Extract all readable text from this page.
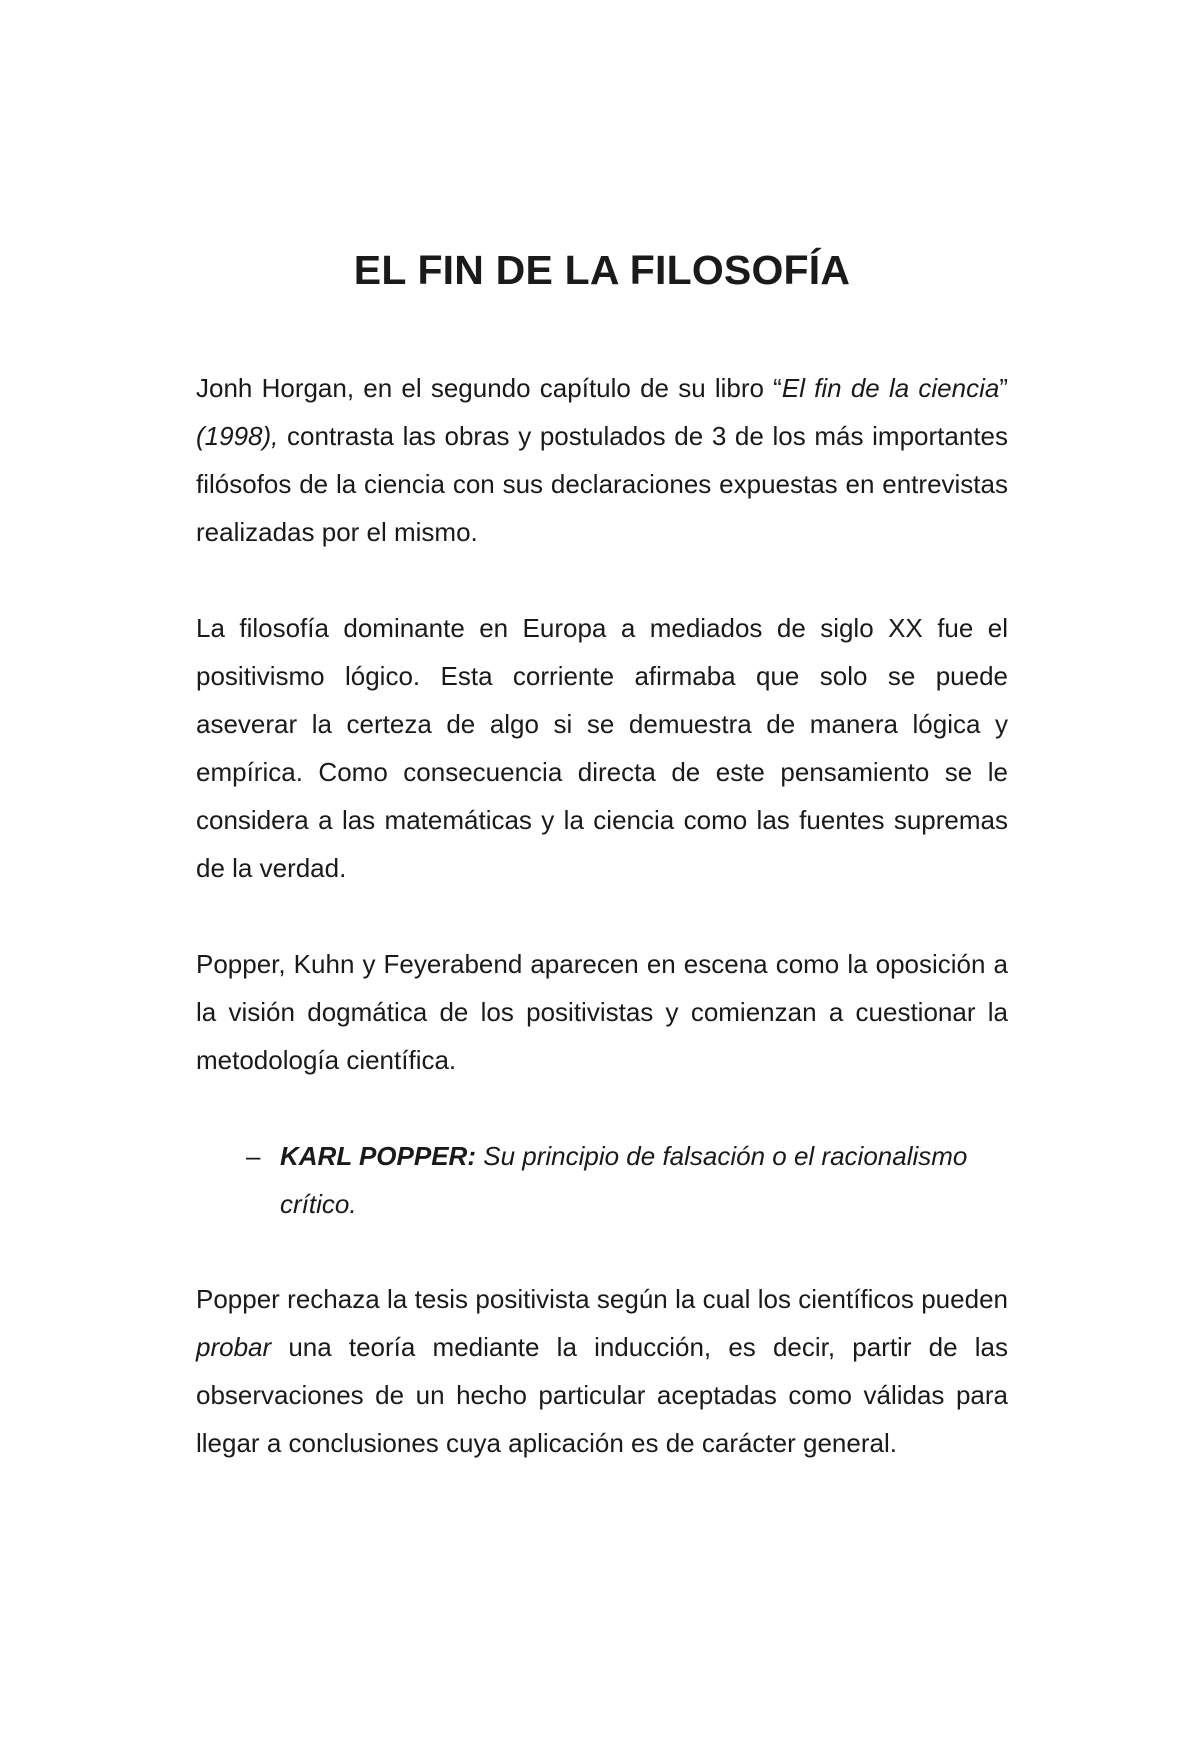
EL FIN DE LA FILOSOFÍA

Jonh Horgan, en el segundo capítulo de su libro “El fin de la ciencia” (1998), contrasta las obras y postulados de 3 de los más importantes filósofos de la ciencia con sus declaraciones expuestas en entrevistas realizadas por el mismo.

La filosofía dominante en Europa a mediados de siglo XX fue el positivismo lógico. Esta corriente afirmaba que solo se puede aseverar la certeza de algo si se demuestra de manera lógica y empírica. Como consecuencia directa de este pensamiento se le considera a las matemáticas y la ciencia como las fuentes supremas de la verdad.

Popper, Kuhn y Feyerabend aparecen en escena como la oposición a la visión dogmática de los positivistas y comienzan a cuestionar la metodología científica.

– KARL POPPER: Su principio de falsación o el racionalismo crítico.

Popper rechaza la tesis positivista según la cual los científicos pueden probar una teoría mediante la inducción, es decir, partir de las observaciones de un hecho particular aceptadas como válidas para llegar a conclusiones cuya aplicación es de carácter general.
